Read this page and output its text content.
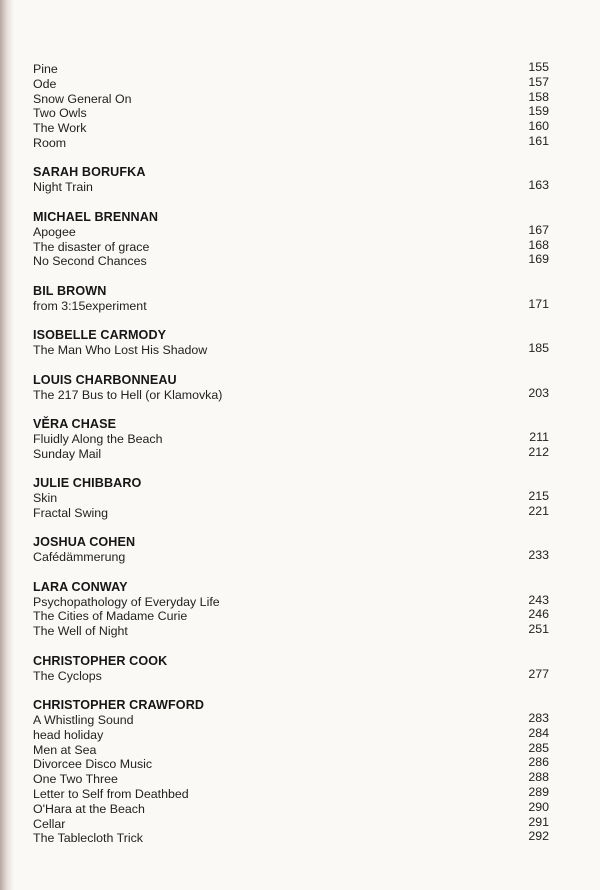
Pine	155
Ode	157
Snow General On	158
Two Owls	159
The Work	160
Room	161
SARAH BORUFKA
Night Train	163
MICHAEL BRENNAN
Apogee	167
The disaster of grace	168
No Second Chances	169
BIL BROWN
from 3:15experiment	171
ISOBELLE CARMODY
The Man Who Lost His Shadow	185
LOUIS CHARBONNEAU
The 217 Bus to Hell (or Klamovka)	203
VĚRA CHASE
Fluidly Along the Beach	211
Sunday Mail	212
JULIE CHIBBARO
Skin	215
Fractal Swing	221
JOSHUA COHEN
Cafédämmerung	233
LARA CONWAY
Psychopathology of Everyday Life	243
The Cities of Madame Curie	246
The Well of Night	251
CHRISTOPHER COOK
The Cyclops	277
CHRISTOPHER CRAWFORD
A Whistling Sound	283
head holiday	284
Men at Sea	285
Divorcee Disco Music	286
One Two Three	288
Letter to Self from Deathbed	289
O'Hara at the Beach	290
Cellar	291
The Tablecloth Trick	292
